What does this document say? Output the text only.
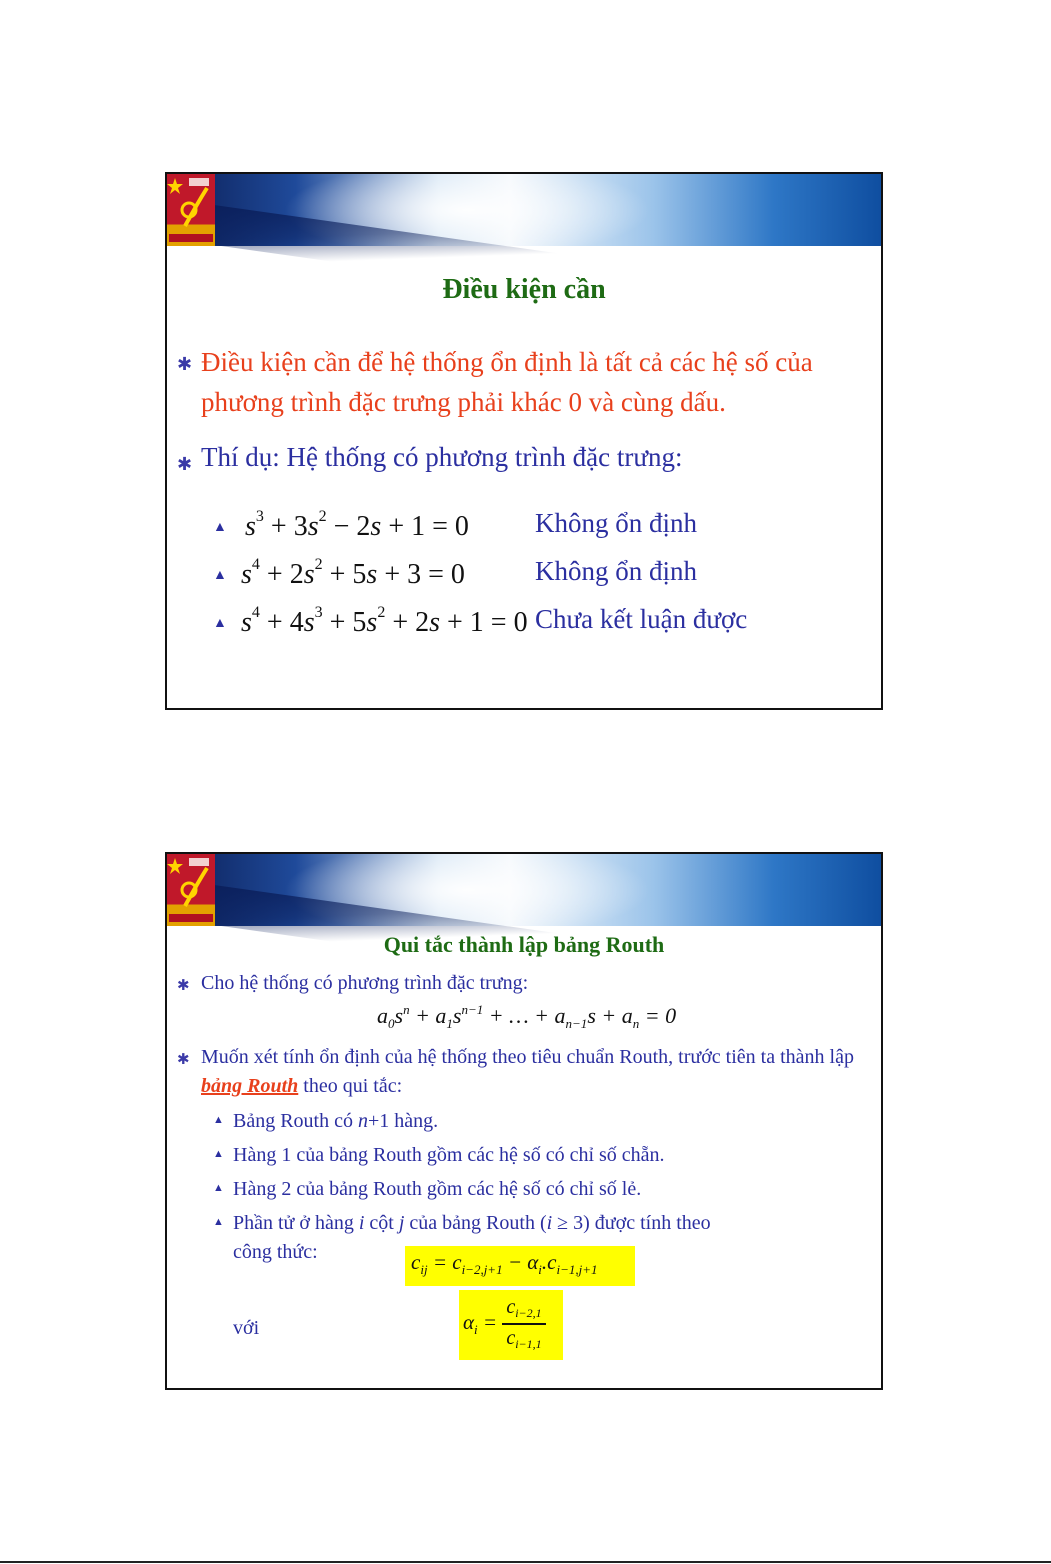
Điều kiện cần
✱ Điều kiện cần để hệ thống ổn định là tất cả các hệ số của phương trình đặc trưng phải khác 0 và cùng dấu.
✱ Thí dụ: Hệ thống có phương trình đặc trưng:
▲ $s^3 + 3s^2 - 2s + 1 = 0$ Không ổn định
▲ $s^4 + 2s^2 + 5s + 3 = 0$	Không ổn định
▲ $s^4 + 4s^3 + 5s^2 + 2s + 1 = 0$ Chưa kết luận được
Qui tắc thành lập bảng Routh
✱ Cho hệ thống có phương trình đặc trưng:
$a_0s^n + a_1s^{n-1}$ + … + $a_{n-1}s + a_n = 0$
✱ Muốn xét tính ổn định của hệ thống theo tiêu chuẩn Routh, trước tiên ta thành lập bảng Routh theo qui tắc:
▲ Bảng Routh có n+1 hàng.
▲ Hàng 1 của bảng Routh gồm các hệ số có chỉ số chẵn.
▲ Hàng 2 của bảng Routh gồm các hệ số có chỉ số lẻ.
▲ Phần tử ở hàng i cột j của bảng Routh (i ≥ 3) được tính theo
công thức:	$c_{ij} = c_{i-2,j+1} - \alpha_i.c_{i-1,j+1}$
với	$\alpha_i = \frac{c_{i-2,1}}{c_{i-1,1}}$
